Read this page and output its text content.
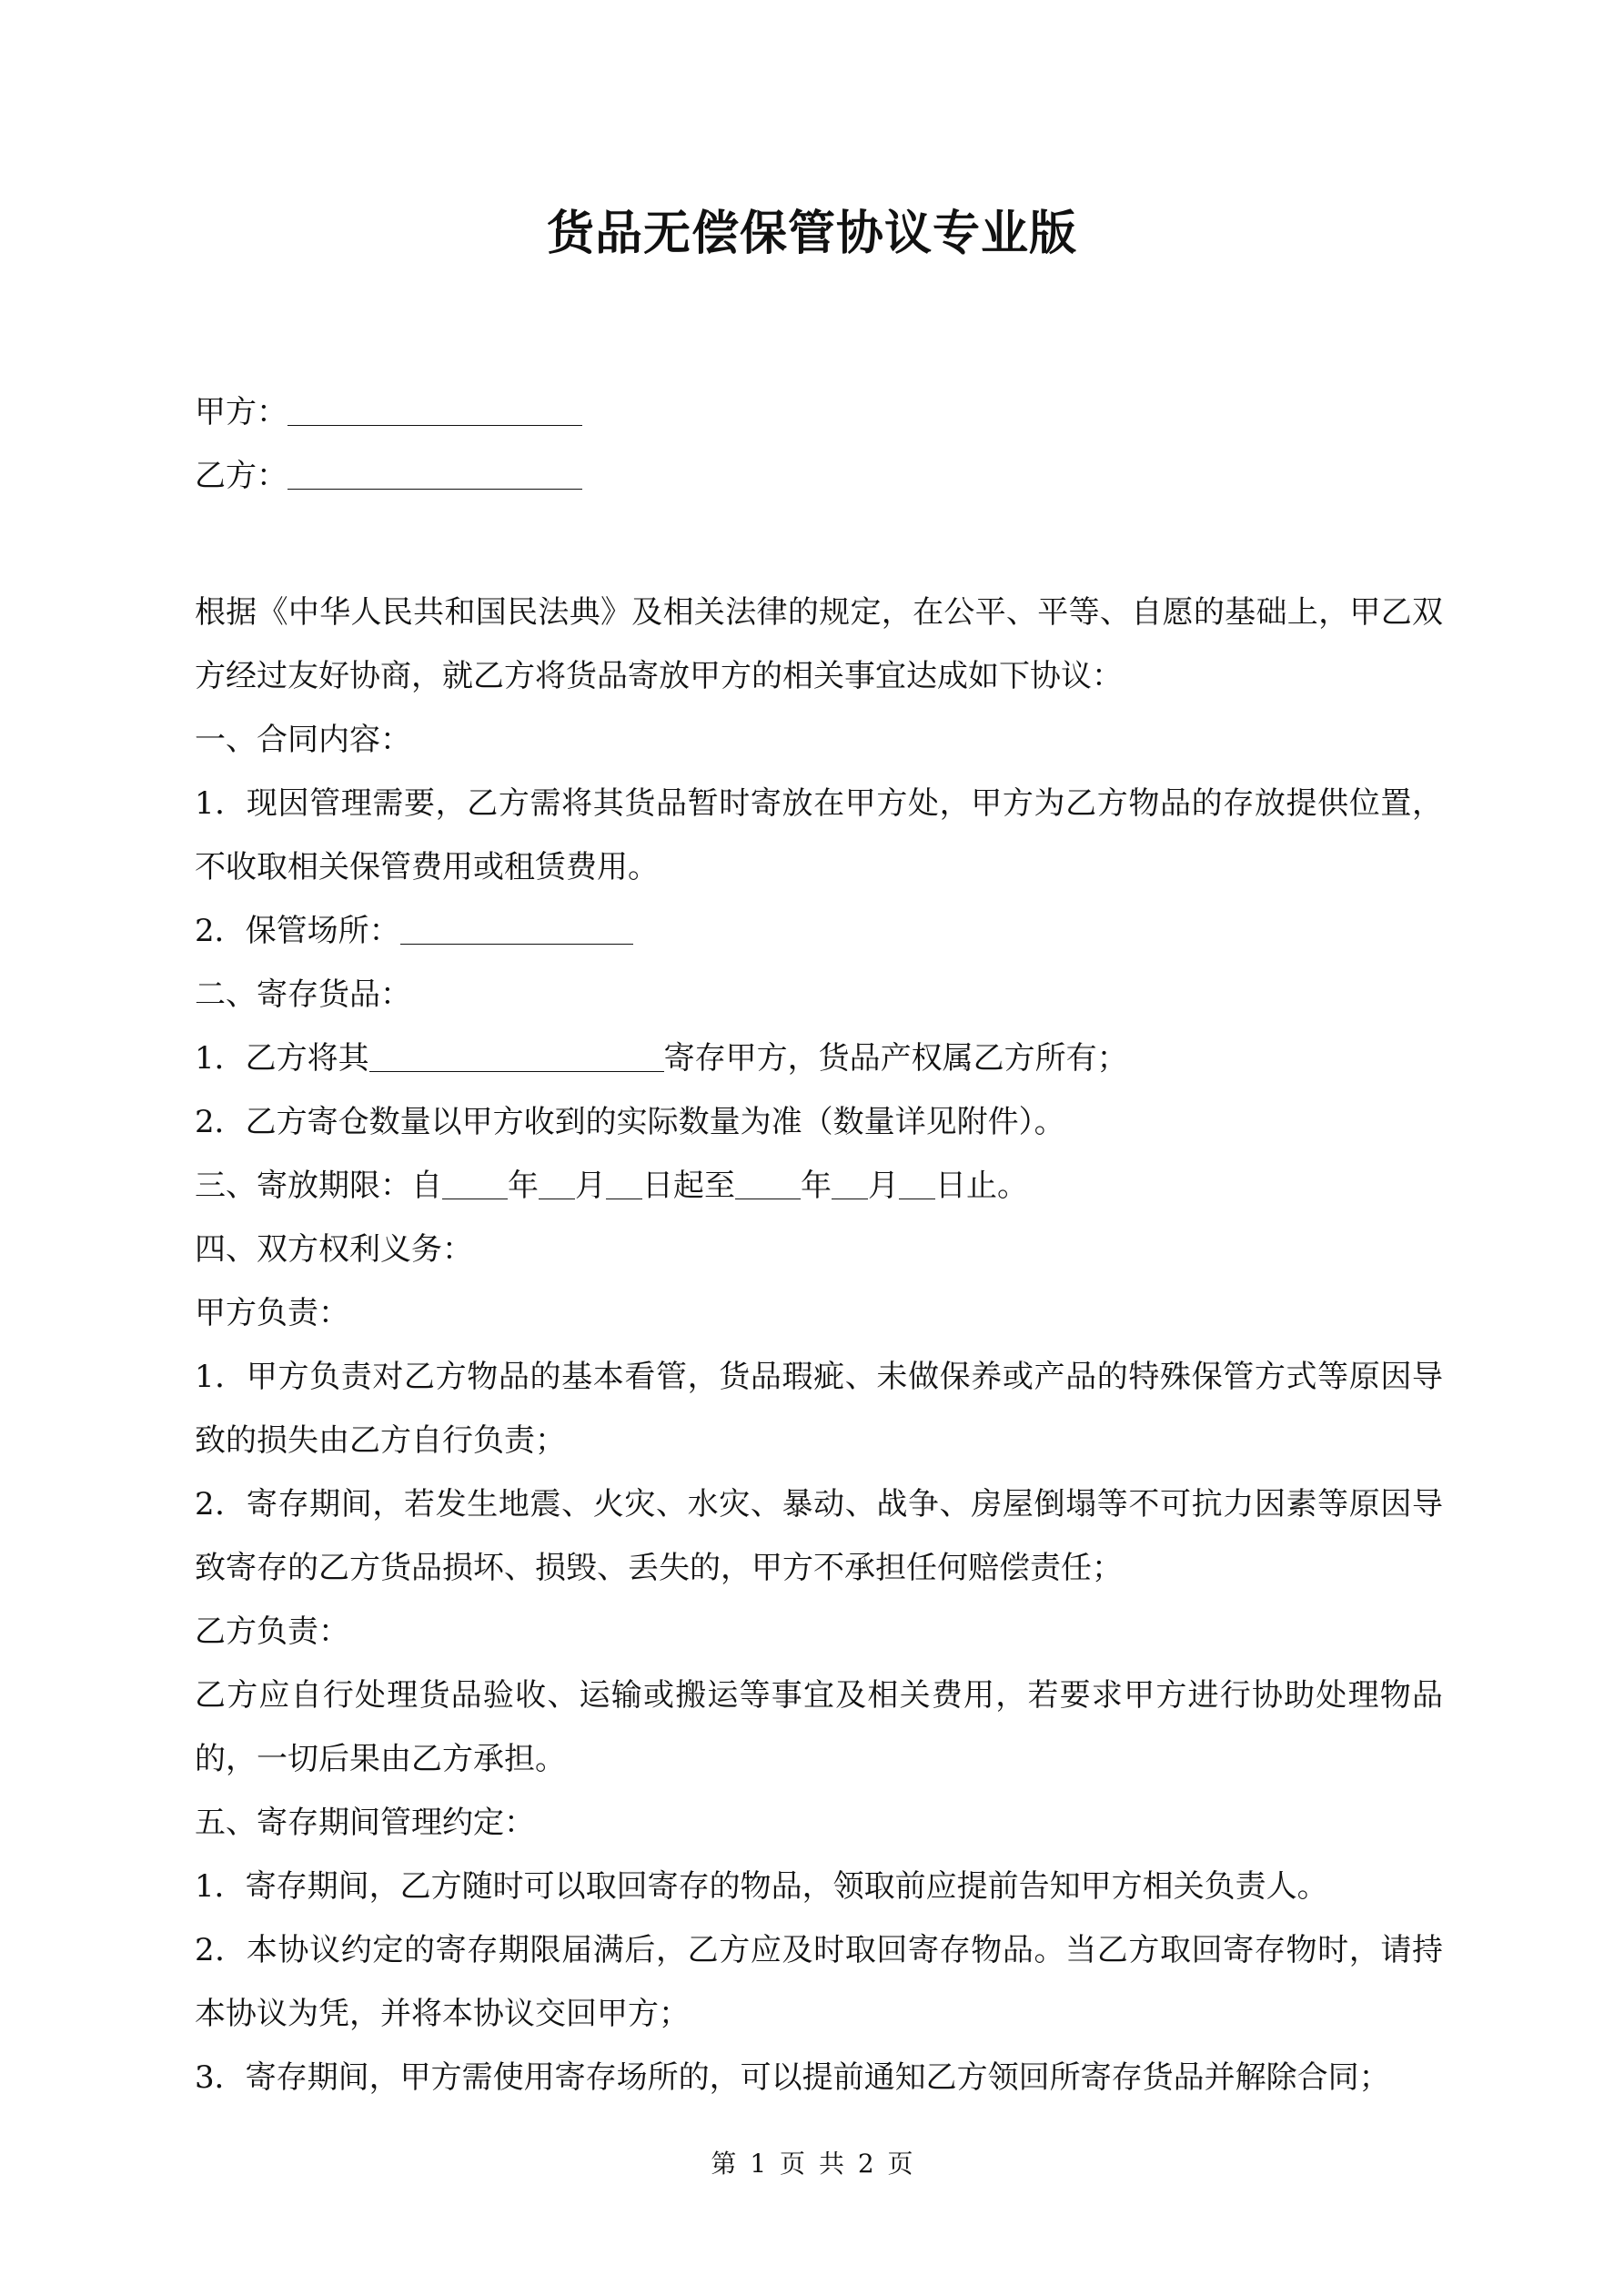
货品无偿保管协议专业版
甲方：
乙方：

根据《中华人民共和国民法典》及相关法律的规定，在公平、平等、自愿的基础上，甲乙双方经过友好协商，就乙方将货品寄放甲方的相关事宜达成如下协议：

一、合同内容：

1．现因管理需要，乙方需将其货品暂时寄放在甲方处，甲方为乙方物品的存放提供位置，不收取相关保管费用或租赁费用。

2．保管场所：

二、寄存货品：

1．乙方将其	寄存甲方，货品产权属乙方所有；

2．乙方寄仓数量以甲方收到的实际数量为准（数量详见附件）。

三、寄放期限：自 年 月 日起至 年 月 日止。

四、双方权利义务：

甲方负责：

1．甲方负责对乙方物品的基本看管，货品瑕疵、未做保养或产品的特殊保管方式等原因导致的损失由乙方自行负责；

2．寄存期间，若发生地震、火灾、水灾、暴动、战争、房屋倒塌等不可抗力因素等原因导致寄存的乙方货品损坏、损毁、丢失的，甲方不承担任何赔偿责任；

乙方负责：

乙方应自行处理货品验收、运输或搬运等事宜及相关费用，若要求甲方进行协助处理物品的，一切后果由乙方承担。

五、寄存期间管理约定：

1．寄存期间，乙方随时可以取回寄存的物品，领取前应提前告知甲方相关负责人。

2．本协议约定的寄存期限届满后，乙方应及时取回寄存物品。当乙方取回寄存物时，请持本协议为凭，并将本协议交回甲方；

3．寄存期间，甲方需使用寄存场所的，可以提前通知乙方领回所寄存货品并解除合同；

第 1 页 共 2 页
